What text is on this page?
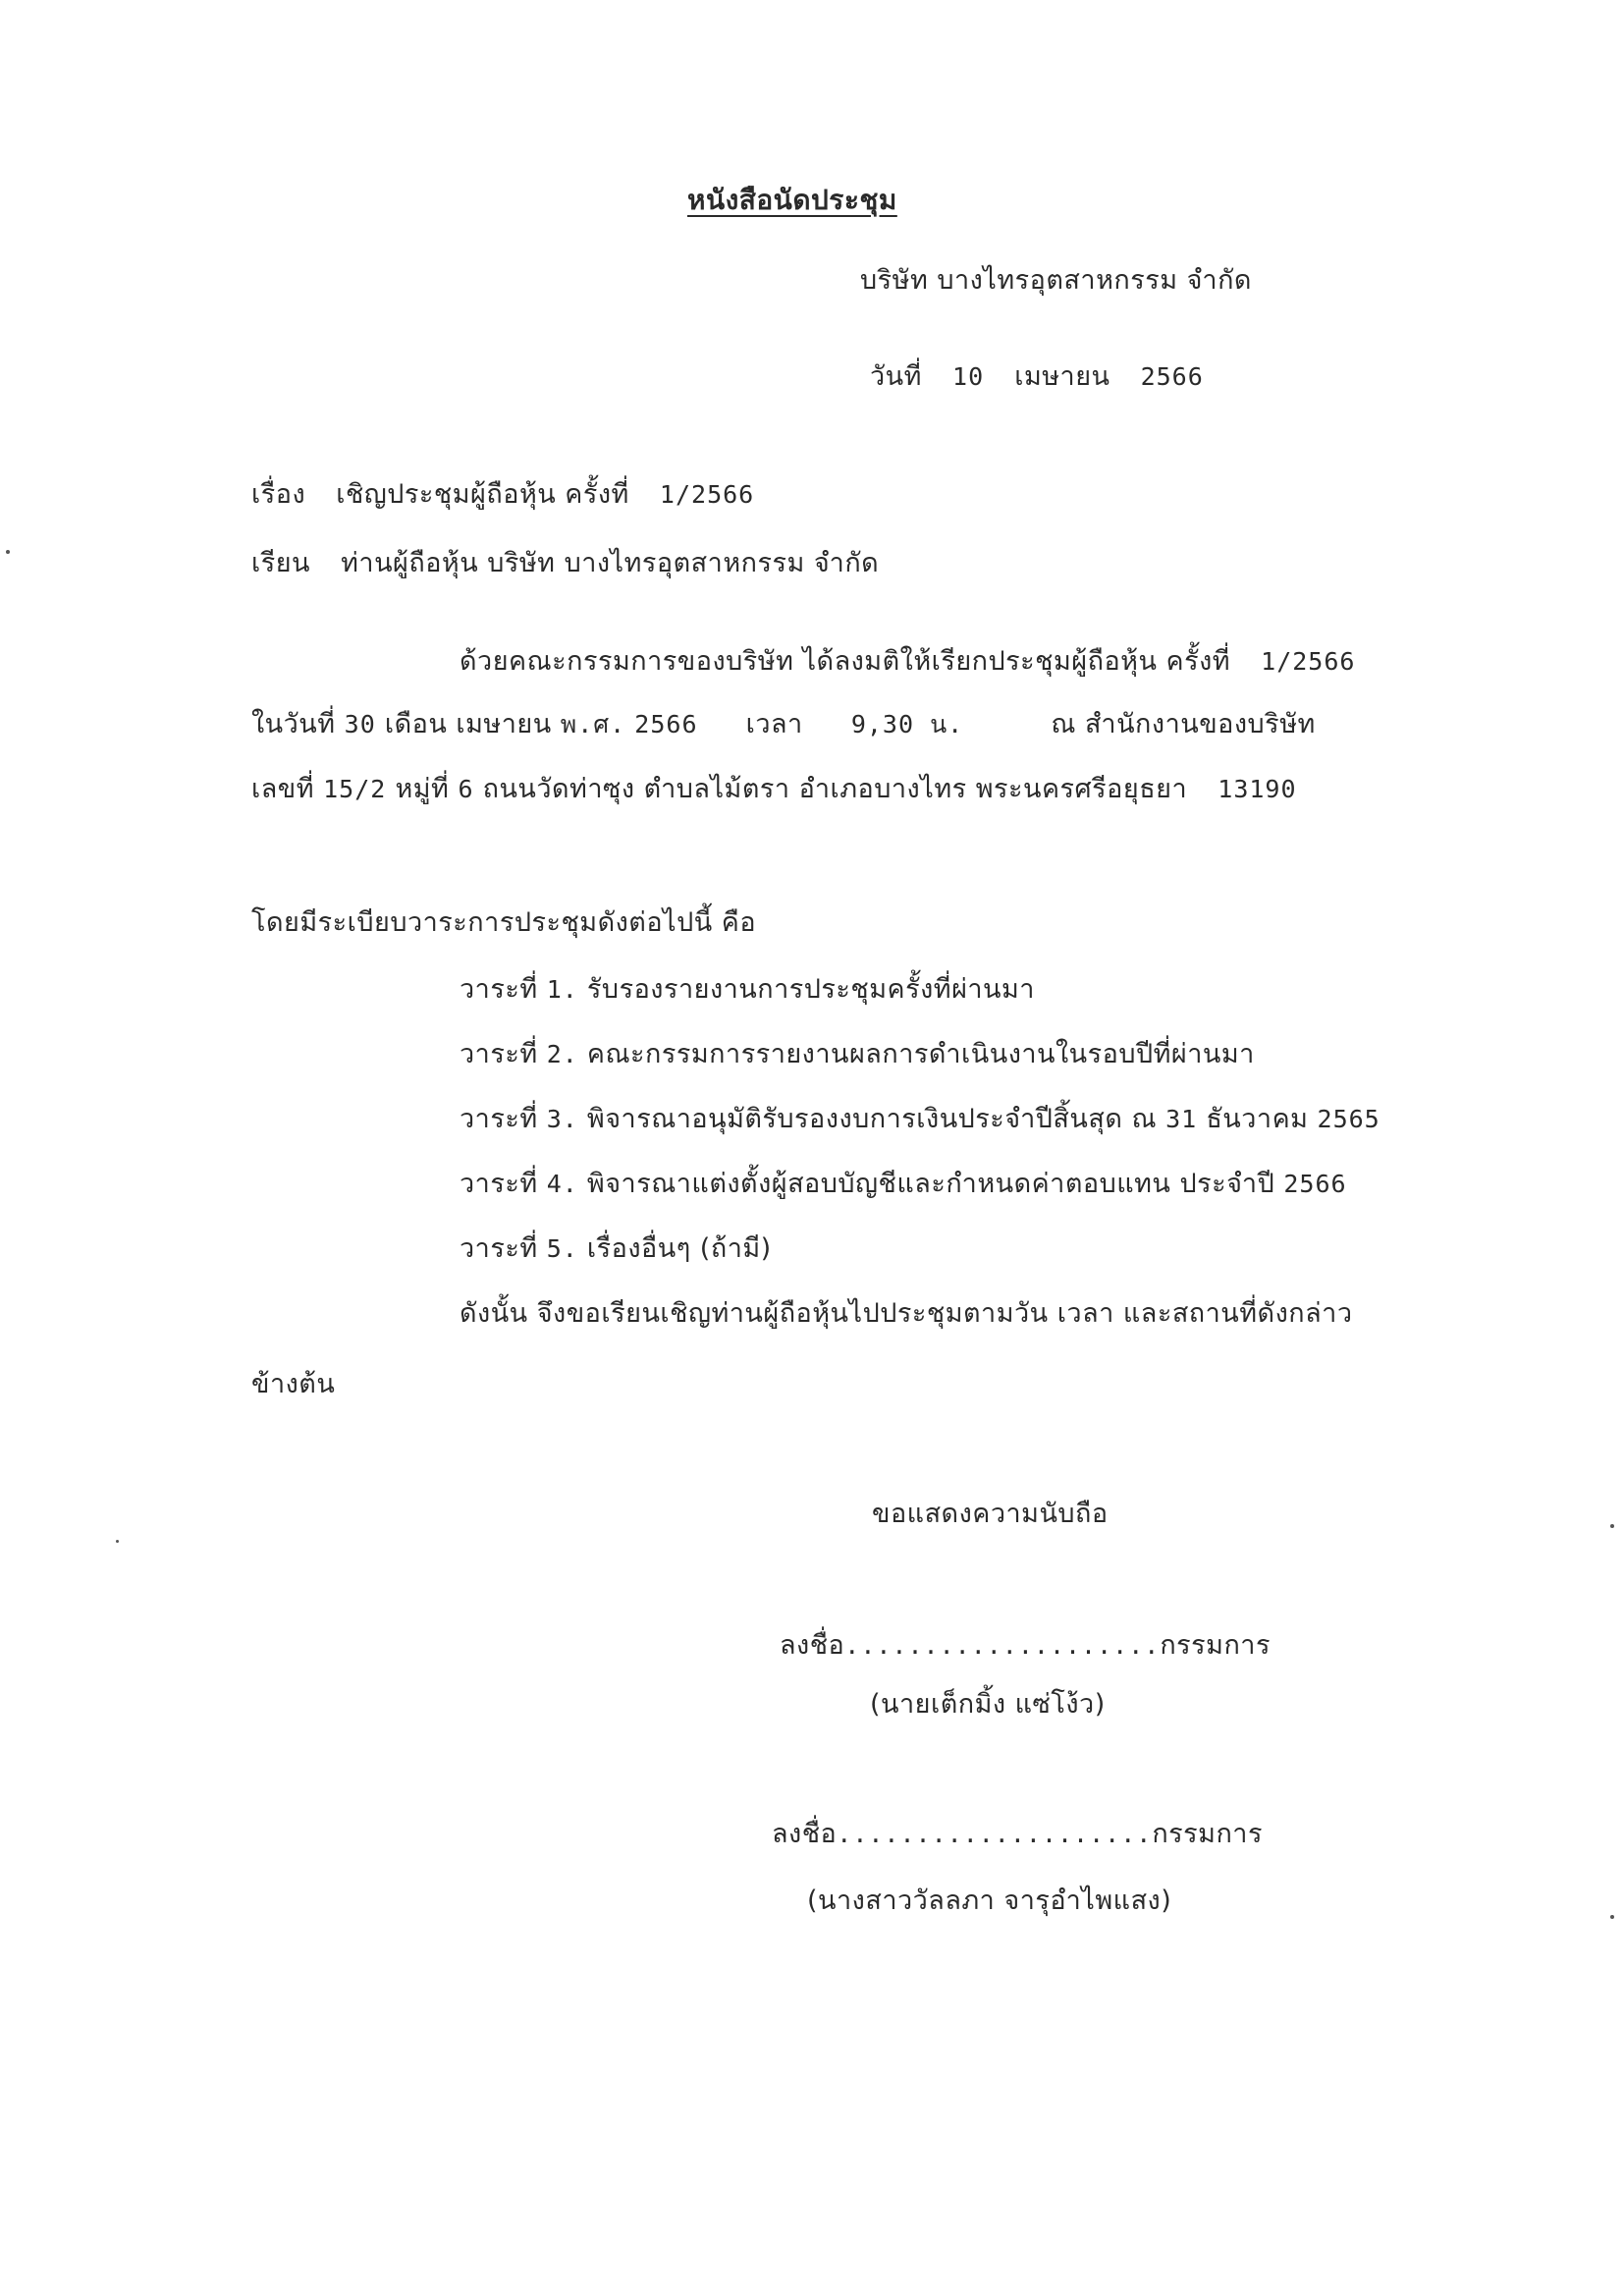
หนังสือนัดประชุม
บริษัท บางไทรอุตสาหกรรม จำกัด
วันที่ 10 เมษายน 2566
เรื่อง เชิญประชุมผู้ถือหุ้น ครั้งที่ 1/2566
เรียน ท่านผู้ถือหุ้น บริษัท บางไทรอุตสาหกรรม จำกัด
ด้วยคณะกรรมการของบริษัท ได้ลงมติให้เรียกประชุมผู้ถือหุ้น ครั้งที่ 1/2566
ในวันที่ 30 เดือน เมษายน พ.ศ. 2566 เวลา 9,30 น.	ณ สำนักงานของบริษัท
เลขที่ 15/2 หมู่ที่ 6 ถนนวัดท่าซุง ตำบลไม้ตรา อำเภอบางไทร พระนครศรีอยุธยา 13190
โดยมีระเบียบวาระการประชุมดังต่อไปนี้ คือ
วาระที่ 1. รับรองรายงานการประชุมครั้งที่ผ่านมา
วาระที่ 2. คณะกรรมการรายงานผลการดำเนินงานในรอบปีที่ผ่านมา
วาระที่ 3. พิจารณาอนุมัติรับรองงบการเงินประจำปีสิ้นสุด ณ 31 ธันวาคม 2565
วาระที่ 4. พิจารณาแต่งตั้งผู้สอบบัญชีและกำหนดค่าตอบแทน ประจำปี 2566
วาระที่ 5. เรื่องอื่นๆ (ถ้ามี)
ดังนั้น จึงขอเรียนเชิญท่านผู้ถือหุ้นไปประชุมตามวัน เวลา และสถานที่ดังกล่าว
ข้างต้น
ขอแสดงความนับถือ
ลงชื่อ....................กรรมการ
(นายเต็กมิ้ง แซ่โง้ว)
ลงชื่อ....................กรรมการ
(นางสาววัลลภา จารุอำไพแสง)
